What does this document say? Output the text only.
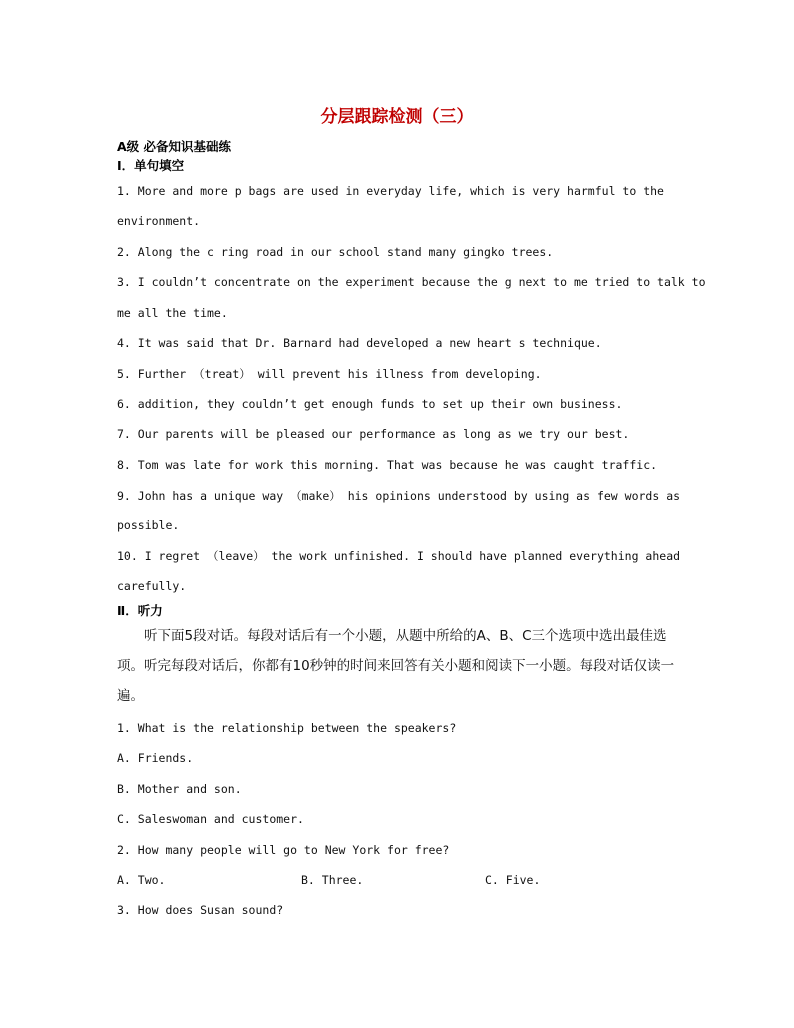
分层跟踪检测（三）
A级 必备知识基础练
Ⅰ．单句填空
1. More and more p bags are used in everyday life, which is very harmful to the
environment.
2. Along the c ring road in our school stand many gingko trees.
3. I couldn’t concentrate on the experiment because the g next to me tried to talk to
me all the time.
4. It was said that Dr. Barnard had developed a new heart s technique.
5. Further （treat） will prevent his illness from developing.
6. addition, they couldn’t get enough funds to set up their own business.
7. Our parents will be pleased our performance as long as we try our best.
8. Tom was late for work this morning. That was because he was caught traffic.
9. John has a unique way （make） his opinions understood by using as few words as
possible.
10. I regret （leave） the work unfinished. I should have planned everything ahead
carefully.
Ⅱ．听力
听下面5段对话。每段对话后有一个小题，从题中所给的A、B、C三个选项中选出最佳选
项。听完每段对话后，你都有10秒钟的时间来回答有关小题和阅读下一小题。每段对话仅读一
遍。
1. What is the relationship between the speakers?
A. Friends.
B. Mother and son.
C. Saleswoman and customer.
2. How many people will go to New York for free?
A. Two.	B. Three.	C. Five.
3. How does Susan sound?
